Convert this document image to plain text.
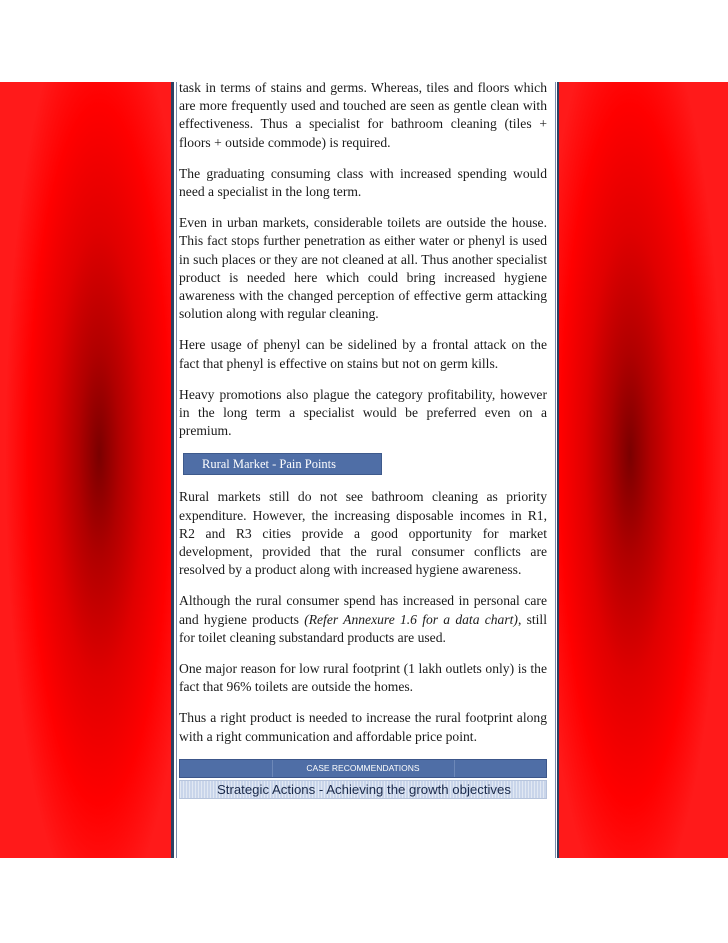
task in terms of stains and germs. Whereas, tiles and floors which are more frequently used and touched are seen as gentle clean with effectiveness. Thus a specialist for bathroom cleaning (tiles + floors + outside commode) is required.

The graduating consuming class with increased spending would need a specialist in the long term.

Even in urban markets, considerable toilets are outside the house. This fact stops further penetration as either water or phenyl is used in such places or they are not cleaned at all. Thus another specialist product is needed here which could bring increased hygiene awareness with the changed perception of effective germ attacking solution along with regular cleaning.

Here usage of phenyl can be sidelined by a frontal attack on the fact that phenyl is effective on stains but not on germ kills.

Heavy promotions also plague the category profitability, however in the long term a specialist would be preferred even on a premium.

Rural Market - Pain Points

Rural markets still do not see bathroom cleaning as priority expenditure. However, the increasing disposable incomes in R1, R2 and R3 cities provide a good opportunity for market development, provided that the rural consumer conflicts are resolved by a product along with increased hygiene awareness.

Although the rural consumer spend has increased in personal care and hygiene products (Refer Annexure 1.6 for a data chart), still for toilet cleaning substandard products are used.

One major reason for low rural footprint (1 lakh outlets only) is the fact that 96% toilets are outside the homes.

Thus a right product is needed to increase the rural footprint along with a right communication and affordable price point.

CASE RECOMMENDATIONS
Strategic Actions - Achieving the growth objectives
